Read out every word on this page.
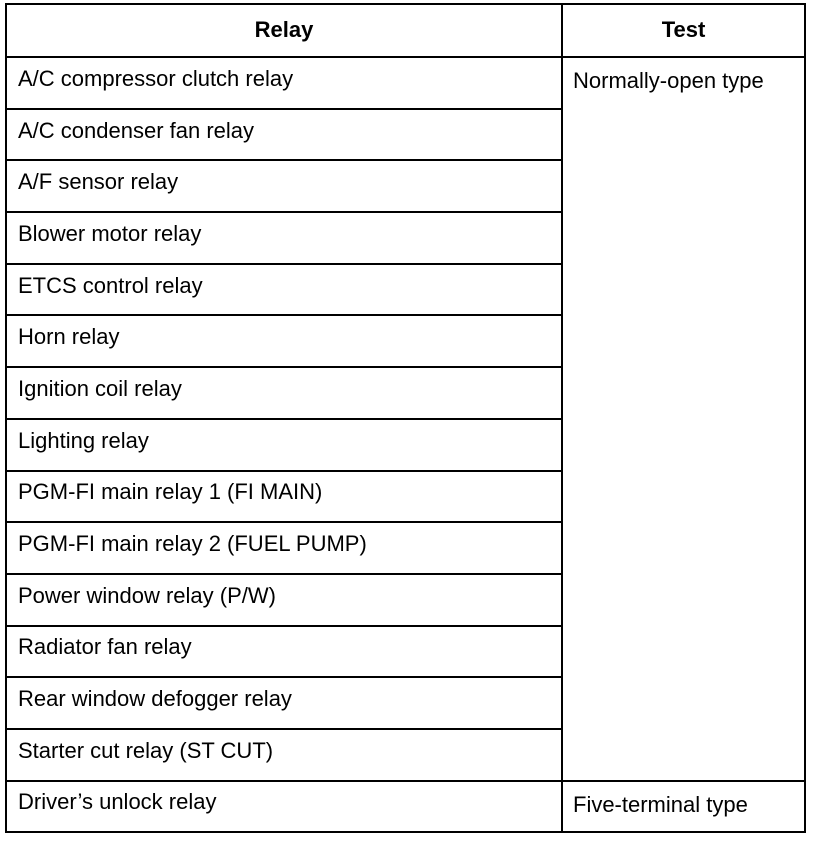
Relay	Test
A/C compressor clutch relay	Normally-open type
A/C condenser fan relay	
A/F sensor relay	
Blower motor relay	
ETCS control relay	
Horn relay	
Ignition coil relay	
Lighting relay	
PGM-FI main relay 1 (FI MAIN)	
PGM-FI main relay 2 (FUEL PUMP)	
Power window relay (P/W)	
Radiator fan relay	
Rear window defogger relay	
Starter cut relay (ST CUT)	
Driver’s unlock relay	Five-terminal type
